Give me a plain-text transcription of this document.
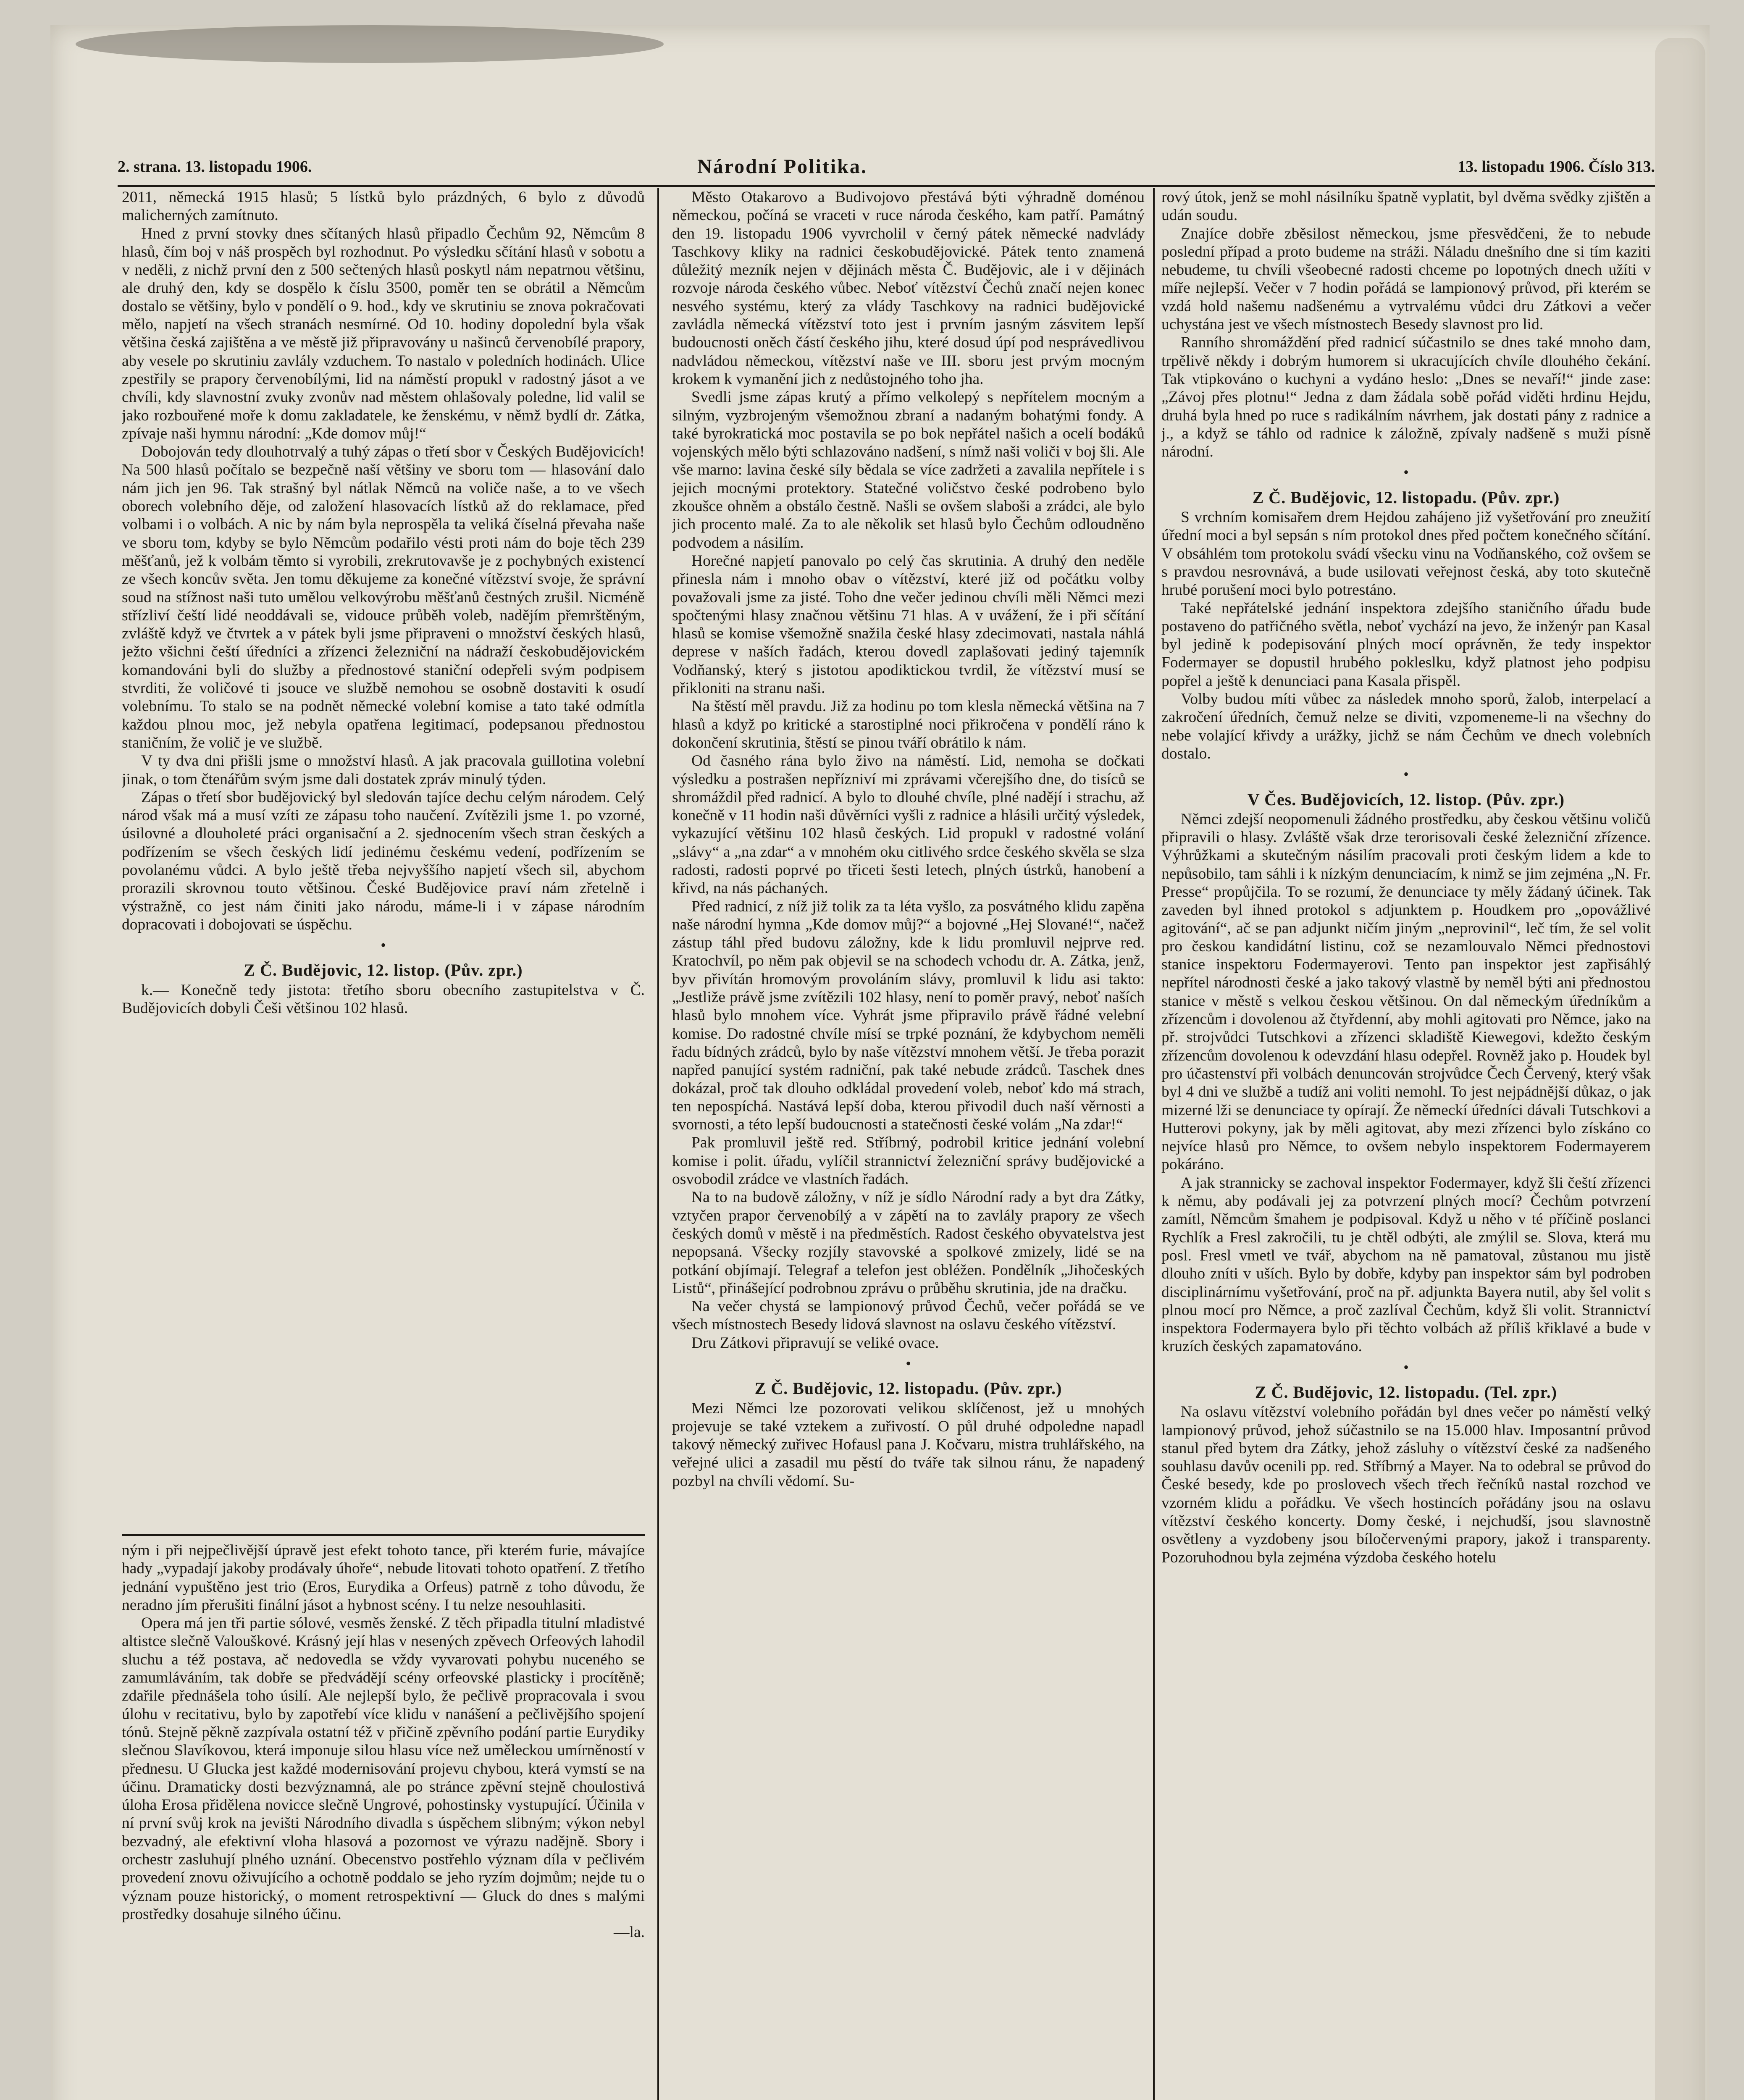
2. strana. 13. listopadu 1906.	Národní Politika.	13. listopadu 1906. Číslo 313.

2011, německá 1915 hlasů; 5 lístků bylo prázdných, 6 bylo z důvodů malicherných zamítnuto.

Hned z první stovky dnes sčítaných hlasů připadlo Čechům 92, Němcům 8 hlasů, čím boj v náš prospěch byl rozhodnut. Po výsledku sčítání hlasů v sobotu a v neděli, z nichž první den z 500 sečtených hlasů poskytl nám nepatrnou většinu, ale druhý den, kdy se dospělo k číslu 3500, poměr ten se obrátil a Němcům dostalo se většiny, bylo v pondělí o 9. hod., kdy ve skrutiniu se znova pokračovati mělo, napjetí na všech stranách nesmírné. Od 10. hodiny dopolední byla však většina česká zajištěna a ve městě již připravovány u našinců červenobílé prapory, aby vesele po skrutiniu zavlály vzduchem. To nastalo v poledních hodinách. Ulice zpestřily se prapory červenobílými, lid na náměstí propukl v radostný jásot a ve chvíli, kdy slavnostní zvuky zvonův nad městem ohlašovaly poledne, lid valil se jako rozbouřené moře k domu zakladatele, ke ženskému, v němž bydlí dr. Zátka, zpívaje naši hymnu národní: „Kde domov můj!“

Dobojován tedy dlouhotrvalý a tuhý zápas o třetí sbor v Českých Budějovicích! Na 500 hlasů počítalo se bezpečně naší většiny ve sboru tom — hlasování dalo nám jich jen 96. Tak strašný byl nátlak Němců na voliče naše, a to ve všech oborech volebního děje, od založení hlasovacích lístků až do reklamace, před volbami i o volbách. A nic by nám byla neprospěla ta veliká číselná převaha naše ve sboru tom, kdyby se bylo Němcům podařilo vésti proti nám do boje těch 239 měšťanů, jež k volbám těmto si vyrobili, zrekrutovavše je z pochybných existencí ze všech koncův světa. Jen tomu děkujeme za konečné vítězství svoje, že správní soud na stížnost naši tuto umělou velkovýrobu měšťanů čestných zrušil. Nicméně střízliví čeští lidé neoddávali se, vidouce průběh voleb, nadějím přemrštěným, zvláště když ve čtvrtek a v pátek byli jsme připraveni o množství českých hlasů, ježto všichni čeští úředníci a zřízenci železniční na nádraží českobudějovickém komandováni byli do služby a přednostové staniční odepřeli svým podpisem stvrditi, že voličové ti jsouce ve službě nemohou se osobně dostaviti k osudí volebnímu. To stalo se na podnět německé volební komise a tato také odmítla každou plnou moc, jež nebyla opatřena legitimací, podepsanou přednostou staničním, že volič je ve službě.

V ty dva dni přišli jsme o množství hlasů. A jak pracovala guillotina volební jinak, o tom čtenářům svým jsme dali dostatek zpráv minulý týden.

Zápas o třetí sbor budějovický byl sledován tajíce dechu celým národem. Celý národ však má a musí vzíti ze zápasu toho naučení. Zvítězili jsme 1. po vzorné, úsilovné a dlouholeté práci organisační a 2. sjednocením všech stran českých a podřízením se všech českých lidí jedinému českému vedení, podřízením se povolanému vůdci. A bylo ještě třeba nejvyššího napjetí všech sil, abychom prorazili skrovnou touto většinou. České Budějovice praví nám zřetelně i výstražně, co jest nám činiti jako národu, máme-li i v zápase národním dopracovati i dobojovati se úspěchu.

•
Z Č. Budějovic, 12. listop. (Pův. zpr.)

k.— Konečně tedy jistota: třetího sboru obecního zastupitelstva v Č. Budějovicích dobyli Češi většinou 102 hlasů.

ným i při nejpečlivější úpravě jest efekt tohoto tance, při kterém furie, mávajíce hady „vypadají jakoby prodávaly úhoře“, nebude litovati tohoto opatření. Z třetího jednání vypuštěno jest trio (Eros, Eurydika a Orfeus) patrně z toho důvodu, že neradno jím přerušiti finální jásot a hybnost scény. I tu nelze nesouhlasiti.

Opera má jen tři partie sólové, vesměs ženské. Z těch připadla titulní mladistvé altistce slečně Valouškové. Krásný její hlas v nesených zpěvech Orfeových lahodil sluchu a též postava, ač nedovedla se vždy vyvarovati pohybu nuceného se zamumláváním, tak dobře se předvádějí scény orfeovské plasticky i procítěně; zdařile přednášela toho úsilí. Ale nejlepší bylo, že pečlivě propracovala i svou úlohu v recitativu, bylo by zapotřebí více klidu v nanášení a pečlivějšího spojení tónů. Stejně pěkně zazpívala ostatní též v přičině zpěvního podání partie Eurydiky slečnou Slavíkovou, která imponuje silou hlasu více než uměleckou umírněností v přednesu. U Glucka jest každé modernisování projevu chybou, která vymstí se na účinu. Dramaticky dosti bezvýznamná, ale po stránce zpěvní stejně choulostivá úloha Erosa přidělena novicce slečně Ungrové, pohostinsky vystupující. Účinila v ní první svůj krok na jevišti Národního divadla s úspěchem slibným; výkon nebyl bezvadný, ale efektivní vloha hlasová a pozornost ve výrazu nadějně. Sbory i orchestr zasluhují plného uznání. Obecenstvo postřehlo význam díla v pečlivém provedení znovu oživujícího a ochotně poddalo se jeho ryzím dojmům; nejde tu o význam pouze historický, o moment retrospektivní — Gluck do dnes s malými prostředky dosahuje silného účinu.

—la.

Město Otakarovo a Budivojovo přestává býti výhradně doménou německou, počíná se vraceti v ruce národa českého, kam patří. Památný den 19. listopadu 1906 vyvrcholil v černý pátek německé nadvlády Taschkovy kliky na radnici českobudějovické. Pátek tento znamená důležitý mezník nejen v dějinách města Č. Budějovic, ale i v dějinách rozvoje národa českého vůbec. Neboť vítězství Čechů značí nejen konec nesvého systému, který za vlády Taschkovy na radnici budějovické zavládla německá vítězství toto jest i prvním jasným zásvitem lepší budoucnosti oněch částí českého jihu, které dosud úpí pod nesprávedlivou nadvládou německou, vítězství naše ve III. sboru jest prvým mocným krokem k vymanění jich z nedůstojného toho jha.

Svedli jsme zápas krutý a přímo velkolepý s nepřítelem mocným a silným, vyzbrojeným všemožnou zbraní a nadaným bohatými fondy. A také byrokratická moc postavila se po bok nepřátel našich a ocelí bodáků vojenských mělo býti schlazováno nadšení, s nímž naši voliči v boj šli. Ale vše marno: lavina české síly bědala se více zadržeti a zavalila nepřítele i s jejich mocnými protektory. Statečné voličstvo české podrobeno bylo zkoušce ohněm a obstálo čestně. Našli se ovšem slaboši a zrádci, ale bylo jich procento malé. Za to ale několik set hlasů bylo Čechům odloudněno podvodem a násilím.

Horečné napjetí panovalo po celý čas skrutinia. A druhý den neděle přinesla nám i mnoho obav o vítězství, které již od počátku volby považovali jsme za jisté. Toho dne večer jedinou chvíli měli Němci mezi spočtenými hlasy značnou většinu 71 hlas. A v uvážení, že i při sčítání hlasů se komise všemožně snažila české hlasy zdecimovati, nastala náhlá deprese v naších řadách, kterou dovedl zaplašovati jediný tajemník Vodňanský, který s jistotou apodiktickou tvrdil, že vítězství musí se přikloniti na stranu naši.

Na štěstí měl pravdu. Již za hodinu po tom klesla německá většina na 7 hlasů a když po kritické a starostiplné noci přikročena v pondělí ráno k dokončení skrutinia, štěstí se pinou tváří obrátilo k nám.

Od časného rána bylo živo na náměstí. Lid, nemoha se dočkati výsledku a postrašen nepřízniví mi zprávami včerejšího dne, do tisíců se shromáždil před radnicí. A bylo to dlouhé chvíle, plné nadějí i strachu, až konečně v 11 hodin naši důvěrníci vyšli z radnice a hlásili určitý výsledek, vykazující většinu 102 hlasů českých. Lid propukl v radostné volání „slávy“ a „na zdar“ a v mnohém oku citlivého srdce českého skvěla se slza radosti, radosti poprvé po třiceti šesti letech, plných ústrků, hanobení a křivd, na nás páchaných.

Před radnicí, z níž již tolik za ta léta vyšlo, za posvátného klidu zapěna naše národní hymna „Kde domov můj?“ a bojovné „Hej Slované!“, načež zástup táhl před budovu záložny, kde k lidu promluvil nejprve red. Kratochvíl, po něm pak objevil se na schodech vchodu dr. A. Zátka, jenž, byv přivítán hromovým provoláním slávy, promluvil k lidu asi takto: „Jestliže právě jsme zvítězili 102 hlasy, není to poměr pravý, neboť naších hlasů bylo mnohem více. Vyhrát jsme připravilo právě řádné velební komise. Do radostné chvíle mísí se trpké poznání, že kdybychom neměli řadu bídných zrádců, bylo by naše vítězství mnohem větší. Je třeba porazit napřed panující systém radniční, pak také nebude zrádců. Taschek dnes dokázal, proč tak dlouho odkládal provedení voleb, neboť kdo má strach, ten nepospíchá. Nastává lepší doba, kterou přivodil duch naší věrnosti a svornosti, a této lepší budoucnosti a statečnosti české volám „Na zdar!“

Pak promluvil ještě red. Stříbrný, podrobil kritice jednání volební komise i polit. úřadu, vylíčil strannictví železniční správy budějovické a osvobodil zrádce ve vlastních řadách.

Na to na budově záložny, v níž je sídlo Národní rady a byt dra Zátky, vztyčen prapor červenobílý a v zápětí na to zavlály prapory ze všech českých domů v městě i na předměstích. Radost českého obyvatelstva jest nepopsaná. Všecky rozjíly stavovské a spolkové zmizely, lidé se na potkání objímají. Telegraf a telefon jest obléžen. Pondělník „Jihočeských Listů“, přinášející podrobnou zprávu o průběhu skrutinia, jde na dračku.

Na večer chystá se lampionový průvod Čechů, večer pořádá se ve všech místnostech Besedy lidová slavnost na oslavu českého vítězství.

Dru Zátkovi připravují se veliké ovace.

•
Z Č. Budějovic, 12. listopadu. (Pův. zpr.)

Mezi Němci lze pozorovati velikou sklíčenost, jež u mnohých projevuje se také vztekem a zuřivostí. O půl druhé odpoledne napadl takový německý zuřivec Hofausl pana J. Kočvaru, mistra truhlářského, na veřejné ulici a zasadil mu pěstí do tváře tak silnou ránu, že napadený pozbyl na chvíli vědomí. Su-

rový útok, jenž se mohl násilníku špatně vyplatit, byl dvěma svědky zjištěn a udán soudu.

Znajíce dobře zběsilost německou, jsme přesvědčeni, že to nebude poslední případ a proto budeme na stráži. Náladu dnešního dne si tím kaziti nebudeme, tu chvíli všeobecné radosti chceme po lopotných dnech užíti v míře nejlepší. Večer v 7 hodin pořádá se lampionový průvod, při kterém se vzdá hold našemu nadšenému a vytrvalému vůdci dru Zátkovi a večer uchystána jest ve všech místnostech Besedy slavnost pro lid.

Ranního shromáždění před radnicí súčastnilo se dnes také mnoho dam, trpělivě někdy i dobrým humorem si ukracujících chvíle dlouhého čekání. Tak vtipkováno o kuchyni a vydáno heslo: „Dnes se nevaří!“ jinde zase: „Závoj přes plotnu!“ Jedna z dam žádala sobě pořád viděti hrdinu Hejdu, druhá byla hned po ruce s radikálním návrhem, jak dostati pány z radnice a j., a když se táhlo od radnice k záložně, zpívaly nadšeně s muži písně národní.

•
Z Č. Budějovic, 12. listopadu. (Pův. zpr.)

S vrchním komisařem drem Hejdou zahájeno již vyšetřování pro zneužití úřední moci a byl sepsán s ním protokol dnes před počtem konečného sčítání. V obsáhlém tom protokolu svádí všecku vinu na Vodňanského, což ovšem se s pravdou nesrovnává, a bude usilovati veřejnost česká, aby toto skutečně hrubé porušení moci bylo potrestáno.

Také nepřátelské jednání inspektora zdejšího staničního úřadu bude postaveno do patřičného světla, neboť vychází na jevo, že inženýr pan Kasal byl jedině k podepisování plných mocí oprávněn, že tedy inspektor Fodermayer se dopustil hrubého pokleslku, když platnost jeho podpisu popřel a ještě k denunciaci pana Kasala přispěl.

Volby budou míti vůbec za následek mnoho sporů, žalob, interpelací a zakročení úředních, čemuž nelze se diviti, vzpomeneme-li na všechny do nebe volající křivdy a urážky, jichž se nám Čechům ve dnech volebních dostalo.

•
V Čes. Budějovicích, 12. listop. (Pův. zpr.)

Němci zdejší neopomenuli žádného prostředku, aby českou většinu voličů připravili o hlasy. Zvláště však drze terorisovali české železniční zřízence. Výhrůžkami a skutečným násilím pracovali proti českým lidem a kde to nepůsobilo, tam sáhli i k nízkým denunciacím, k nimž se jim zejména „N. Fr. Presse“ propůjčila. To se rozumí, že denunciace ty měly žádaný účinek. Tak zaveden byl ihned protokol s adjunktem p. Houdkem pro „opovážlivé agitování“, ač se pan adjunkt ničím jiným „neprovinil“, leč tím, že sel volit pro českou kandidátní listinu, což se nezamlouvalo Němci přednostovi stanice inspektoru Fodermayerovi. Tento pan inspektor jest zapřisáhlý nepřítel národnosti české a jako takový vlastně by neměl býti ani přednostou stanice v městě s velkou českou většinou. On dal německým úředníkům a zřízencům i dovolenou až čtyřdenní, aby mohli agitovati pro Němce, jako na př. strojvůdci Tutschkovi a zřízenci skladiště Kiewegovi, kdežto českým zřízencům dovolenou k odevzdání hlasu odepřel. Rovněž jako p. Houdek byl pro účastenství při volbách denuncován strojvůdce Čech Červený, který však byl 4 dni ve službě a tudíž ani voliti nemohl. To jest nejpádnější důkaz, o jak mizerné lži se denunciace ty opírají. Že německí úředníci dávali Tutschkovi a Hutterovi pokyny, jak by měli agitovat, aby mezi zřízenci bylo získáno co nejvíce hlasů pro Němce, to ovšem nebylo inspektorem Fodermayerem pokáráno.

A jak strannicky se zachoval inspektor Fodermayer, když šli čeští zřízenci k němu, aby podávali jej za potvrzení plných mocí? Čechům potvrzení zamítl, Němcům šmahem je podpisoval. Když u něho v té příčině poslanci Rychlík a Fresl zakročili, tu je chtěl odbýti, ale zmýlil se. Slova, která mu posl. Fresl vmetl ve tvář, abychom na ně pamatoval, zůstanou mu jistě dlouho zníti v uších. Bylo by dobře, kdyby pan inspektor sám byl podroben disciplinárnímu vyšetřování, proč na př. adjunkta Bayera nutil, aby šel volit s plnou mocí pro Němce, a proč zazlíval Čechům, když šli volit. Strannictví inspektora Fodermayera bylo při těchto volbách až příliš křiklavé a bude v kruzích českých zapamatováno.

•
Z Č. Budějovic, 12. listopadu. (Tel. zpr.)

Na oslavu vítězství volebního pořádán byl dnes večer po náměstí velký lampionový průvod, jehož súčastnilo se na 15.000 hlav. Imposantní průvod stanul před bytem dra Zátky, jehož zásluhy o vítězství české za nadšeného souhlasu davův ocenili pp. red. Stříbrný a Mayer. Na to odebral se průvod do České besedy, kde po proslovech všech třech řečníků nastal rozchod ve vzorném klidu a pořádku. Ve všech hostincích pořádány jsou na oslavu vítězství českého koncerty. Domy české, i nejchudší, jsou slavnostně osvětleny a vyzdobeny jsou bíločervenými prapory, jakož i transparenty. Pozoruhodnou byla zejména výzdoba českého hotelu
